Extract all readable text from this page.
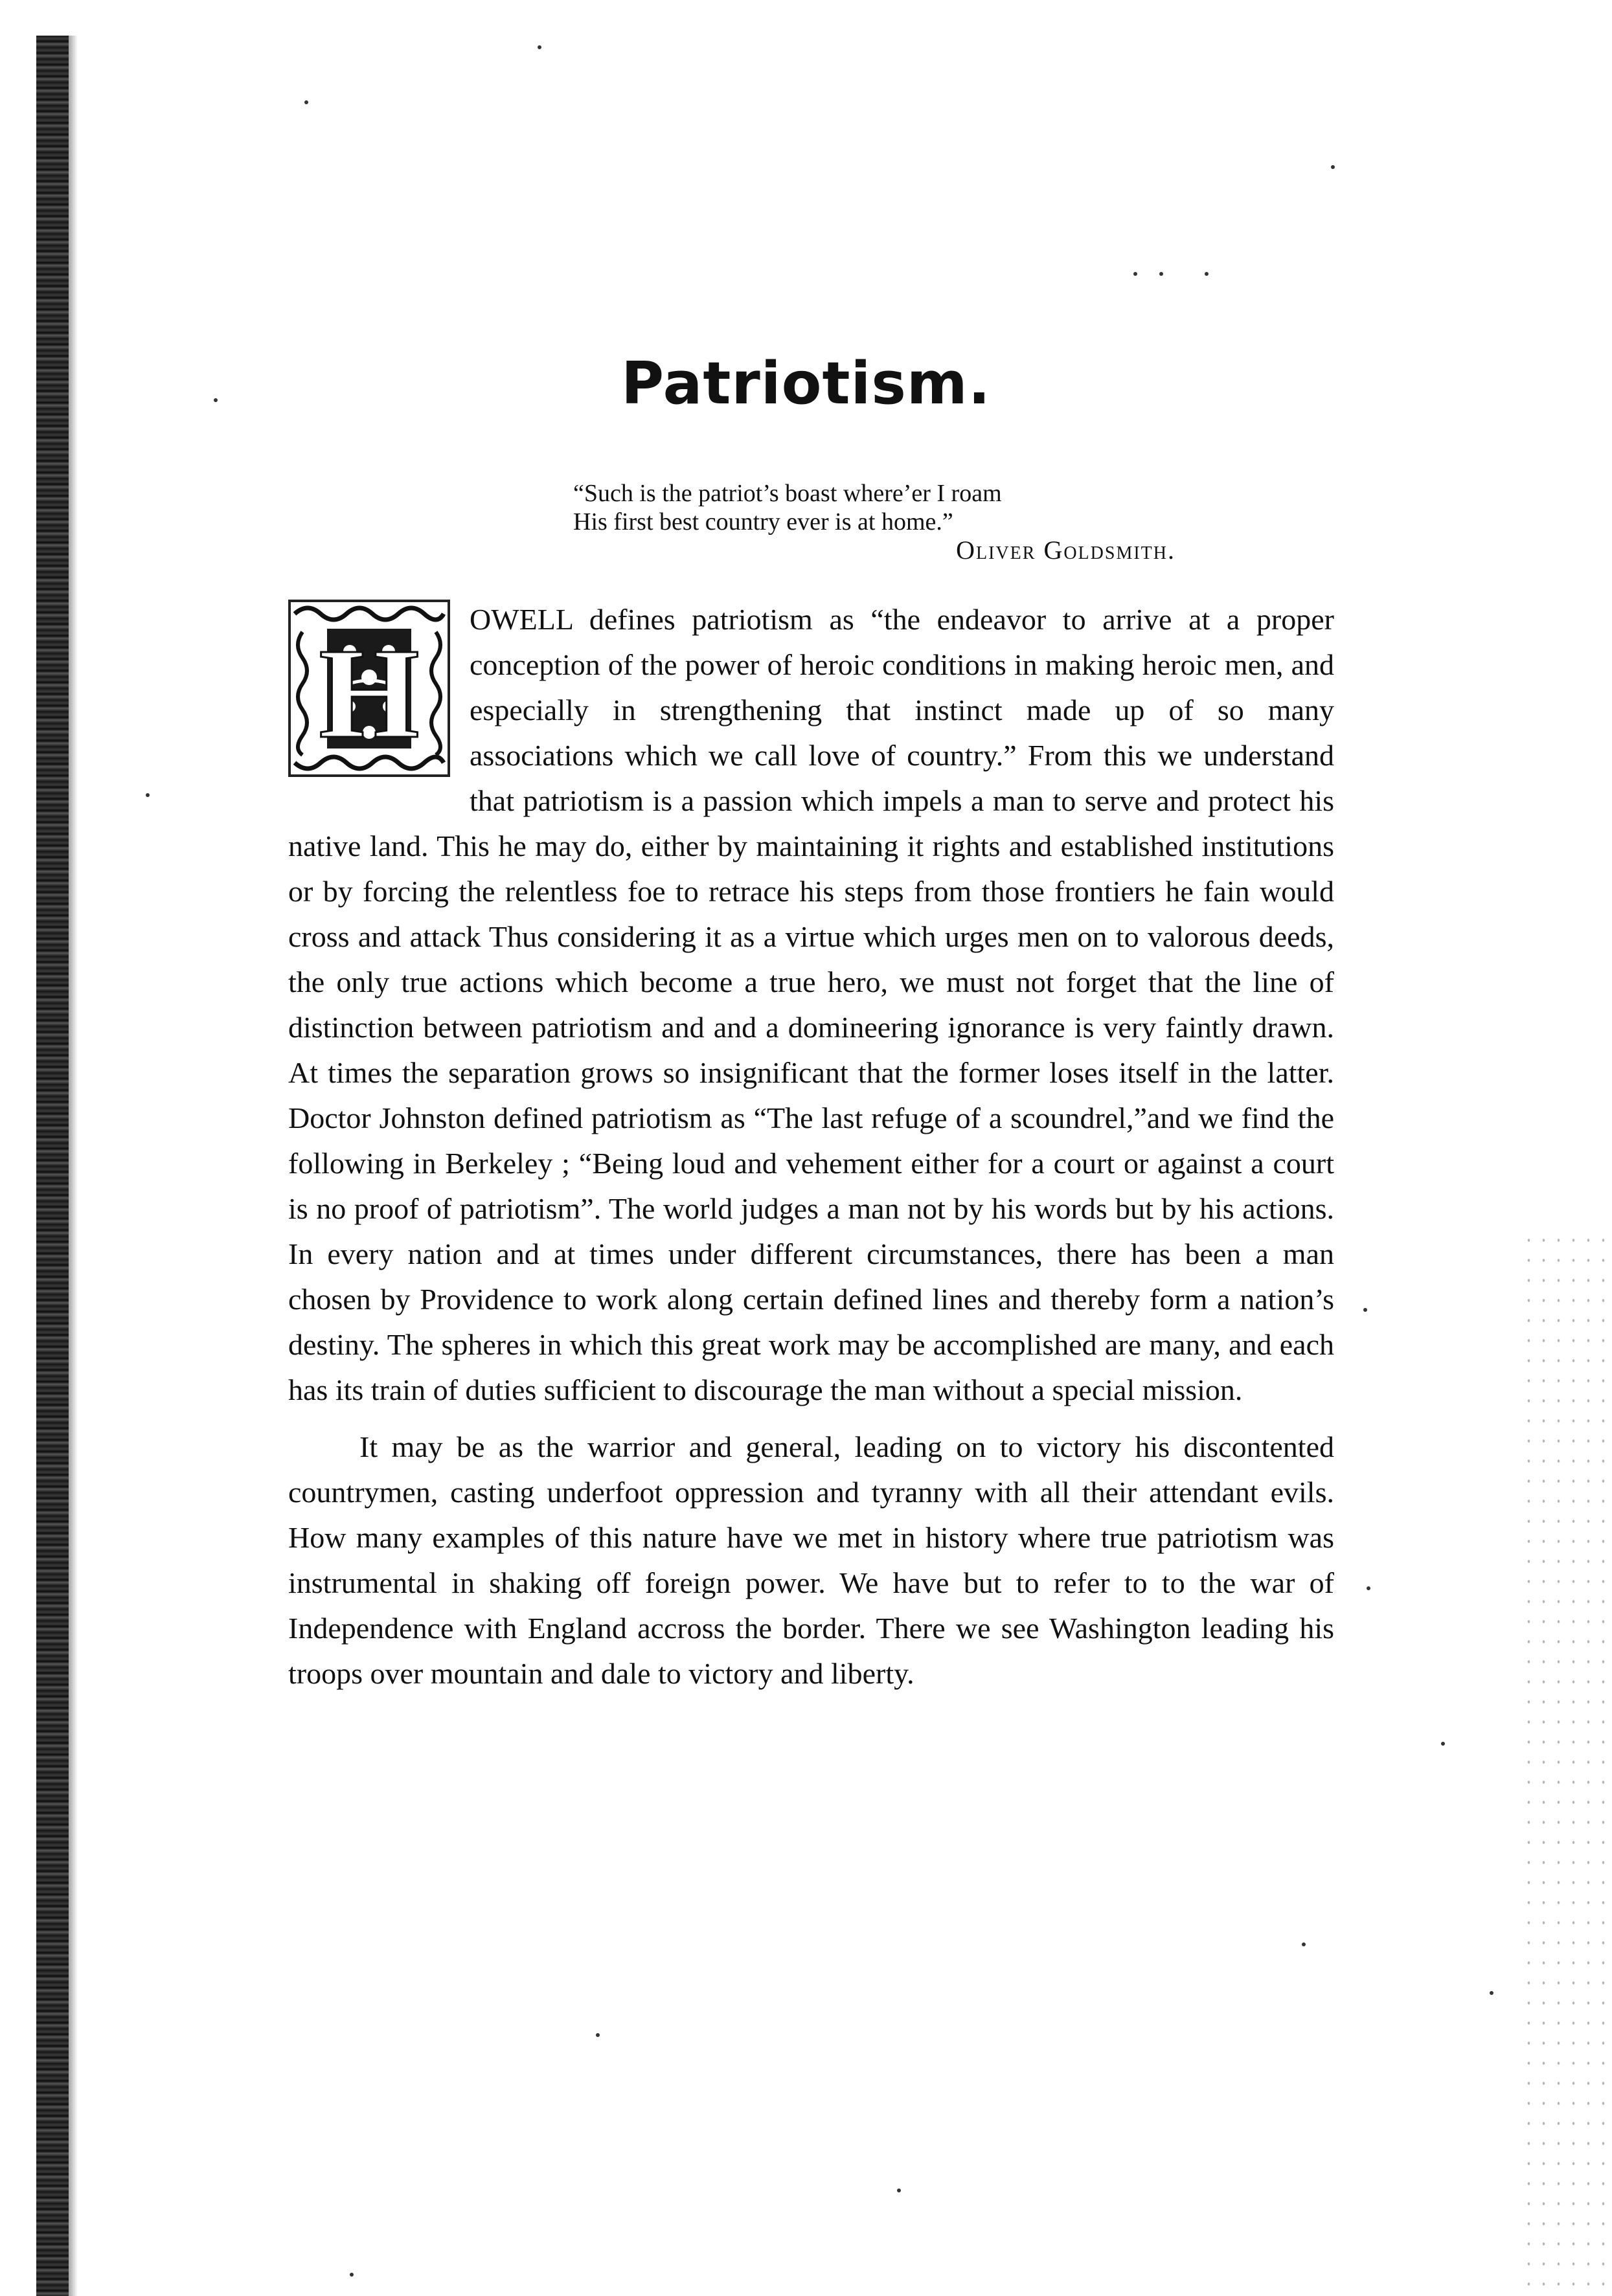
Patriotism.
“Such is the patriot’s boast where’er I roam
His first best country ever is at home.”
Oliver Goldsmith.

H
OWELL defines patriotism as “the endeavor to arrive at a proper conception of the power of heroic conditions in making heroic men, and especially in strengthening that instinct made up of so many associations which we call love of country.” From this we understand that patriotism is a passion which impels a man to serve and protect his native land. This he may do, either by maintaining it rights and established institutions or by forcing the relentless foe to retrace his steps from those frontiers he fain would cross and attack Thus considering it as a virtue which urges men on to valorous deeds, the only true actions which become a true hero, we must not forget that the line of distinction between patriotism and and a domineering ignorance is very faintly drawn. At times the separation grows so insignificant that the former loses itself in the latter. Doctor Johnston defined patriotism as “The last refuge of a scoundrel,”and we find the following in Berkeley ; “Being loud and vehement either for a court or against a court is no proof of patriotism”. The world judges a man not by his words but by his actions. In every nation and at times under different circumstances, there has been a man chosen by Providence to work along certain defined lines and thereby form a nation’s destiny. The spheres in which this great work may be accomplished are many, and each has its train of duties sufficient to discourage the man without a special mission.

It may be as the warrior and general, leading on to victory his discontented countrymen, casting underfoot oppression and tyranny with all their attendant evils. How many examples of this nature have we met in history where true patriotism was instrumental in shaking off foreign power. We have but to refer to to the war of Independence with England accross the border. There we see Washington leading his troops over mountain and dale to victory and liberty.
